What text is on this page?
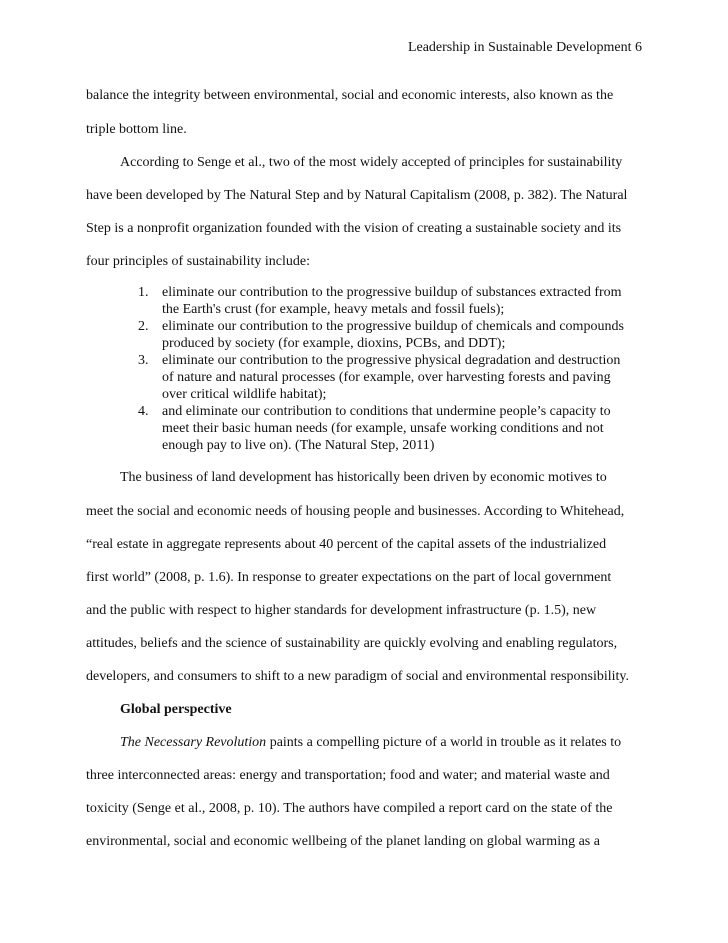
Leadership in Sustainable Development 6
balance the integrity between environmental, social and economic interests, also known as the
triple bottom line.
According to Senge et al., two of the most widely accepted of principles for sustainability
have been developed by The Natural Step and by Natural Capitalism (2008, p. 382). The Natural
Step is a nonprofit organization founded with the vision of creating a sustainable society and its
four principles of sustainability include:
1. eliminate our contribution to the progressive buildup of substances extracted from
the Earth's crust (for example, heavy metals and fossil fuels);
2. eliminate our contribution to the progressive buildup of chemicals and compounds
produced by society (for example, dioxins, PCBs, and DDT);
3. eliminate our contribution to the progressive physical degradation and destruction
of nature and natural processes (for example, over harvesting forests and paving
over critical wildlife habitat);
4. and eliminate our contribution to conditions that undermine people’s capacity to
meet their basic human needs (for example, unsafe working conditions and not
enough pay to live on). (The Natural Step, 2011)
The business of land development has historically been driven by economic motives to
meet the social and economic needs of housing people and businesses. According to Whitehead,
“real estate in aggregate represents about 40 percent of the capital assets of the industrialized
first world” (2008, p. 1.6). In response to greater expectations on the part of local government
and the public with respect to higher standards for development infrastructure (p. 1.5), new
attitudes, beliefs and the science of sustainability are quickly evolving and enabling regulators,
developers, and consumers to shift to a new paradigm of social and environmental responsibility.
Global perspective
The Necessary Revolution paints a compelling picture of a world in trouble as it relates to
three interconnected areas: energy and transportation; food and water; and material waste and
toxicity (Senge et al., 2008, p. 10). The authors have compiled a report card on the state of the
environmental, social and economic wellbeing of the planet landing on global warming as a
